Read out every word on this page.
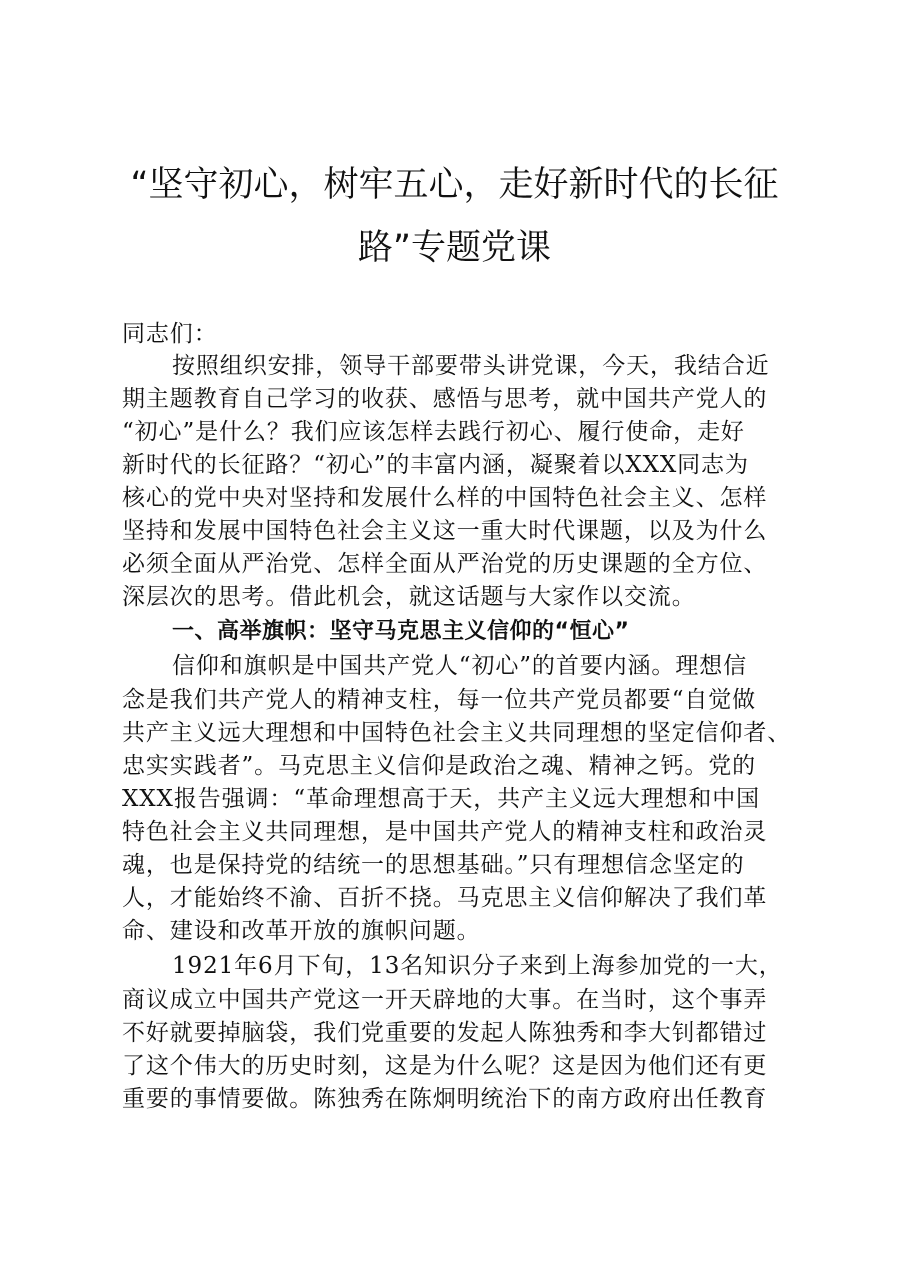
“坚守初心，树牢五心，走好新时代的长征
路”专题党课
同志们：
按照组织安排，领导干部要带头讲党课，今天，我结合近
期主题教育自己学习的收获、感悟与思考，就中国共产党人的
“初心”是什么？我们应该怎样去践行初心、履行使命，走好
新时代的长征路？“初心”的丰富内涵，凝聚着以XXX同志为
核心的党中央对坚持和发展什么样的中国特色社会主义、怎样
坚持和发展中国特色社会主义这一重大时代课题，以及为什么
必须全面从严治党、怎样全面从严治党的历史课题的全方位、
深层次的思考。借此机会，就这话题与大家作以交流。
一、高举旗帜：坚守马克思主义信仰的“恒心”
信仰和旗帜是中国共产党人“初心”的首要内涵。理想信
念是我们共产党人的精神支柱，每一位共产党员都要“自觉做
共产主义远大理想和中国特色社会主义共同理想的坚定信仰者、
忠实实践者”。马克思主义信仰是政治之魂、精神之钙。党的
XXX报告强调：“革命理想高于天，共产主义远大理想和中国
特色社会主义共同理想，是中国共产党人的精神支柱和政治灵
魂，也是保持党的结统一的思想基础。”只有理想信念坚定的
人，才能始终不渝、百折不挠。马克思主义信仰解决了我们革
命、建设和改革开放的旗帜问题。
1921年6月下旬，13名知识分子来到上海参加党的一大，
商议成立中国共产党这一开天辟地的大事。在当时，这个事弄
不好就要掉脑袋，我们党重要的发起人陈独秀和李大钊都错过
了这个伟大的历史时刻，这是为什么呢？这是因为他们还有更
重要的事情要做。陈独秀在陈炯明统治下的南方政府出任教育
